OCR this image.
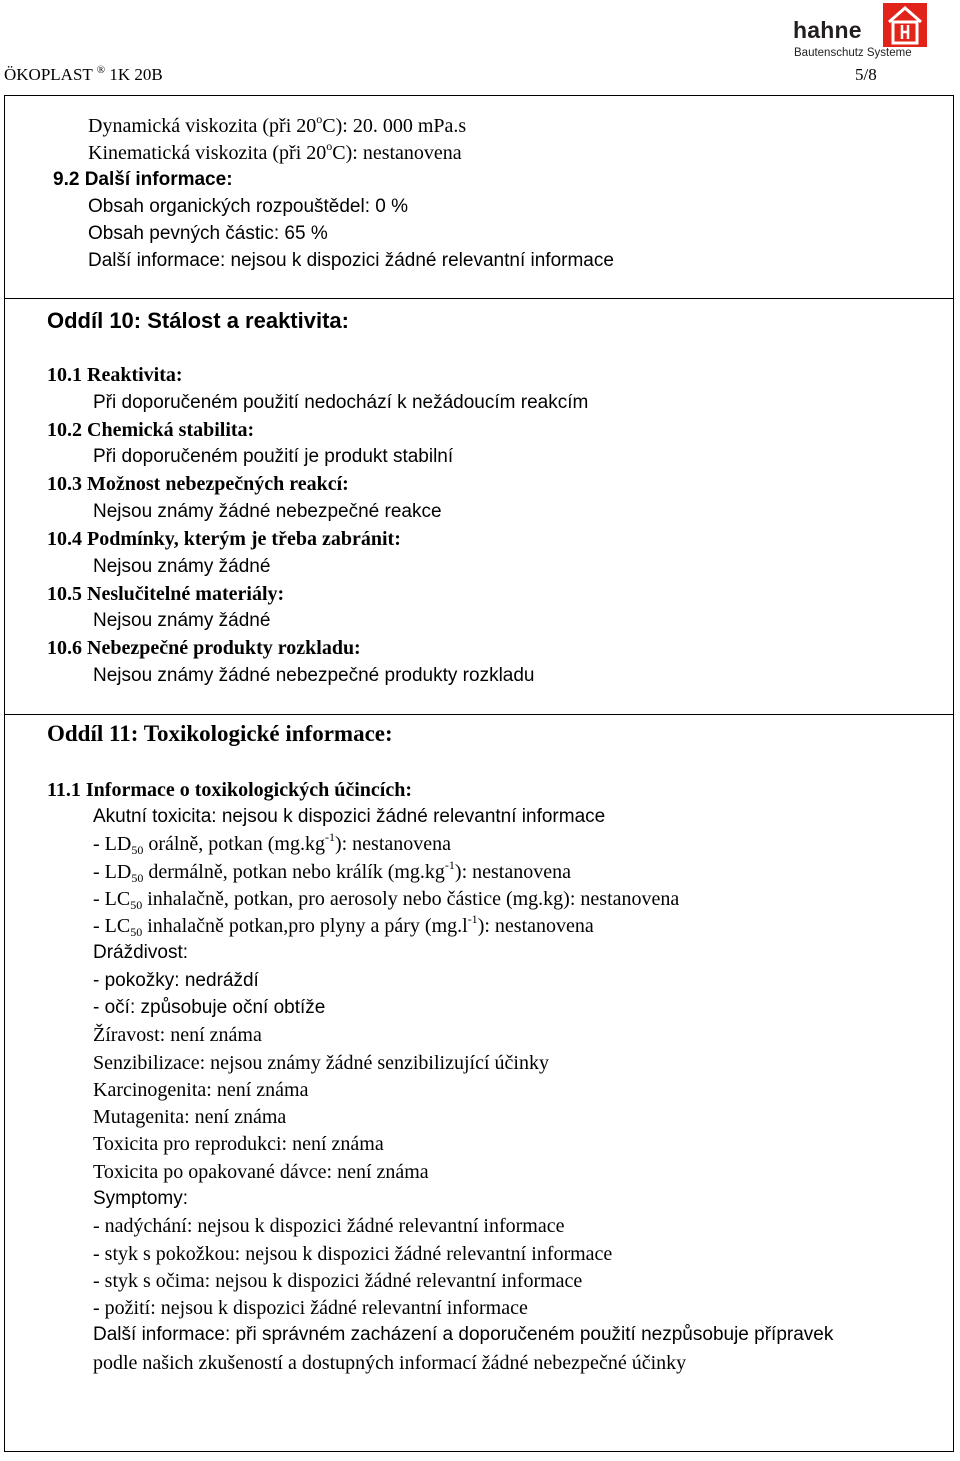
ÖKOPLAST ® 1K 20B	5/8
hahne
Bautenschutz Systeme
Dynamická viskozita (při 20$^o$C): 20. 000 mPa.s
Kinematická viskozita (při 20$^o$C): nestanovena
9.2 Další informace:
Obsah organických rozpouštědel: 0 %
Obsah pevných částic: 65 %
Další informace: nejsou k dispozici žádné relevantní informace
Oddíl 10: Stálost a reaktivita:
10.1 Reaktivita:
Při doporučeném použití nedochází k nežádoucím reakcím
10.2 Chemická stabilita:
Při doporučeném použití je produkt stabilní
10.3 Možnost nebezpečných reakcí:
Nejsou známy žádné nebezpečné reakce
10.4 Podmínky, kterým je třeba zabránit:
Nejsou známy žádné
10.5 Neslučitelné materiály:
Nejsou známy žádné
10.6 Nebezpečné produkty rozkladu:
Nejsou známy žádné nebezpečné produkty rozkladu
Oddíl 11: Toxikologické informace:
11.1 Informace o toxikologických účincích:
Akutní toxicita: nejsou k dispozici žádné relevantní informace
- $LD_{50}$ orálně, potkan $(mg.kg^{-1})$: nestanovena
- $LD_{50}$ dermálně, potkan nebo králík $(mg.kg^{-1})$: nestanovena
- $LC_{50}$ inhalačně, potkan, pro aerosoly nebo částice (mg.kg): nestanovena
- $LC_{50}$ inhalačně potkan,pro plyny a páry $(mg.l^{-1})$: nestanovena
Dráždivost:
- pokožky: nedráždí
- očí: způsobuje oční obtíže
Žíravost: není známa
Senzibilizace: nejsou známy žádné senzibilizující účinky
Karcinogenita: není známa
Mutagenita: není známa
Toxicita pro reprodukci: není známa
Toxicita po opakované dávce: není známa
Symptomy:
- nadýchání: nejsou k dispozici žádné relevantní informace
- styk s pokožkou: nejsou k dispozici žádné relevantní informace
- styk s očima: nejsou k dispozici žádné relevantní informace
- požití: nejsou k dispozici žádné relevantní informace
Další informace: při správném zacházení a doporučeném použití nezpůsobuje přípravek
podle našich zkušeností a dostupných informací žádné nebezpečné účinky
